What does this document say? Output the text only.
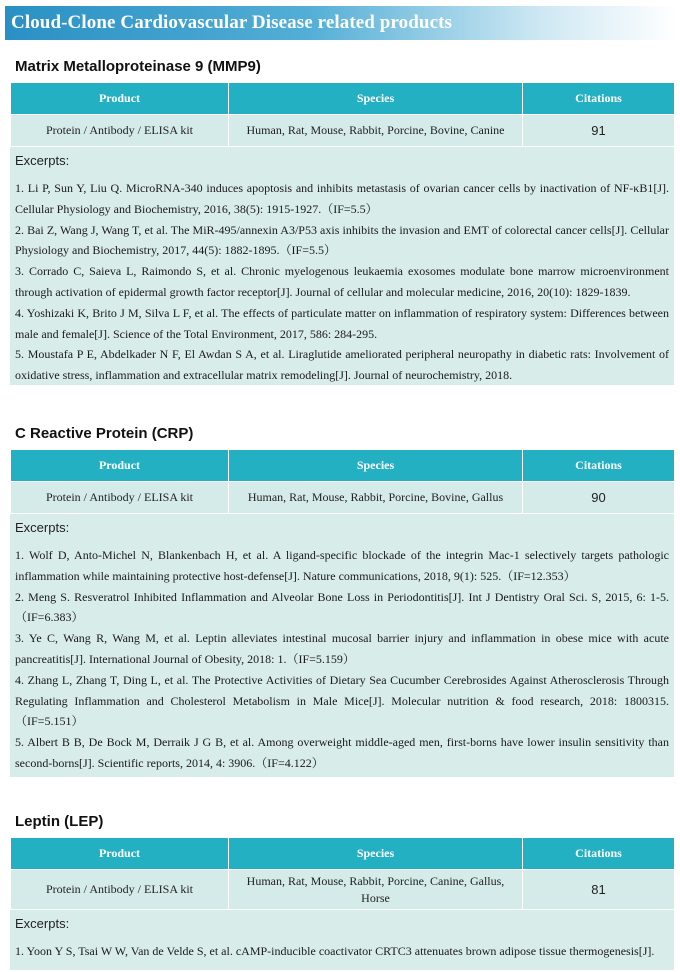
Cloud-Clone Cardiovascular Disease related products
Matrix Metalloproteinase 9 (MMP9)
Product	Species	Citations
Protein / Antibody / ELISA kit	Human, Rat, Mouse, Rabbit, Porcine, Bovine, Canine	91
Excerpts:

1. Li P, Sun Y, Liu Q. MicroRNA-340 induces apoptosis and inhibits metastasis of ovarian cancer cells by inactivation of NF-κB1[J]. Cellular Physiology and Biochemistry, 2016, 38(5): 1915-1927.（IF=5.5）

2. Bai Z, Wang J, Wang T, et al. The MiR-495/annexin A3/P53 axis inhibits the invasion and EMT of colorectal cancer cells[J]. Cellular Physiology and Biochemistry, 2017, 44(5): 1882-1895.（IF=5.5）

3. Corrado C, Saieva L, Raimondo S, et al. Chronic myelogenous leukaemia exosomes modulate bone marrow microenvironment through activation of epidermal growth factor receptor[J]. Journal of cellular and molecular medicine, 2016, 20(10): 1829-1839.

4. Yoshizaki K, Brito J M, Silva L F, et al. The effects of particulate matter on inflammation of respiratory system: Differences between male and female[J]. Science of the Total Environment, 2017, 586: 284-295.

5. Moustafa P E, Abdelkader N F, El Awdan S A, et al. Liraglutide ameliorated peripheral neuropathy in diabetic rats: Involvement of oxidative stress, inflammation and extracellular matrix remodeling[J]. Journal of neurochemistry, 2018.

C Reactive Protein (CRP)
Product	Species	Citations
Protein / Antibody / ELISA kit	Human, Rat, Mouse, Rabbit, Porcine, Bovine, Gallus	90
Excerpts:

1. Wolf D, Anto-Michel N, Blankenbach H, et al. A ligand-specific blockade of the integrin Mac-1 selectively targets pathologic inflammation while maintaining protective host-defense[J]. Nature communications, 2018, 9(1): 525.（IF=12.353）

2. Meng S. Resveratrol Inhibited Inflammation and Alveolar Bone Loss in Periodontitis[J]. Int J Dentistry Oral Sci. S, 2015, 6: 1-5.（IF=6.383）

3. Ye C, Wang R, Wang M, et al. Leptin alleviates intestinal mucosal barrier injury and inflammation in obese mice with acute pancreatitis[J]. International Journal of Obesity, 2018: 1.（IF=5.159）

4. Zhang L, Zhang T, Ding L, et al. The Protective Activities of Dietary Sea Cucumber Cerebrosides Against Atherosclerosis Through Regulating Inflammation and Cholesterol Metabolism in Male Mice[J]. Molecular nutrition & food research, 2018: 1800315.（IF=5.151）

5. Albert B B, De Bock M, Derraik J G B, et al. Among overweight middle-aged men, first-borns have lower insulin sensitivity than second-borns[J]. Scientific reports, 2014, 4: 3906.（IF=4.122）

Leptin (LEP)
Product	Species	Citations
Protein / Antibody / ELISA kit	Human, Rat, Mouse, Rabbit, Porcine, Canine, Gallus, Horse	81
Excerpts:

1. Yoon Y S, Tsai W W, Van de Velde S, et al. cAMP-inducible coactivator CRTC3 attenuates brown adipose tissue thermogenesis[J].
